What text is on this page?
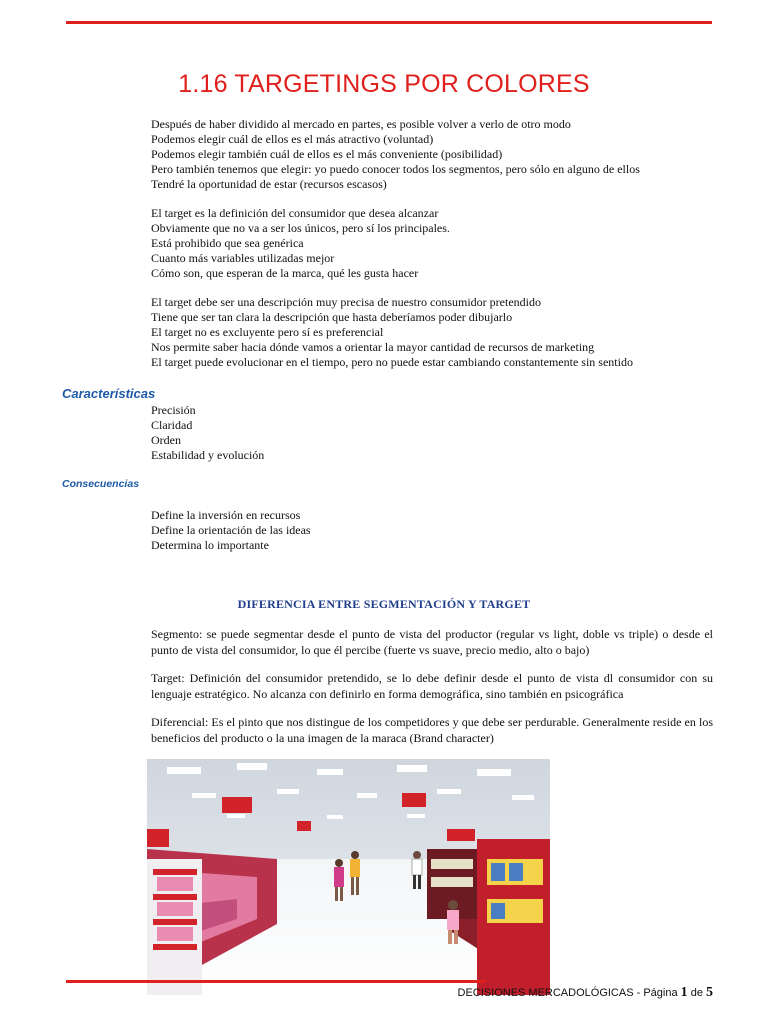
1.16 TARGETINGS POR COLORES
Después de haber dividido al mercado en partes, es posible volver a verlo de otro modo
Podemos elegir cuál de ellos es el más atractivo (voluntad)
Podemos elegir también cuál de ellos es el más conveniente (posibilidad)
Pero también tenemos que elegir: yo puedo conocer todos los segmentos, pero sólo en alguno de ellos
Tendré la oportunidad de estar (recursos escasos)
El target es la definición del consumidor que desea alcanzar
Obviamente que no va a ser los únicos, pero sí los principales.
Está prohibido que sea genérica
Cuanto más variables utilizadas mejor
Cómo son, que esperan de la marca, qué les gusta hacer
El target debe ser una descripción muy precisa de nuestro consumidor pretendido
Tiene que ser tan clara la descripción que hasta deberíamos poder dibujarlo
El target no es excluyente pero sí es preferencial
Nos permite saber hacia dónde vamos a orientar la mayor cantidad de recursos de marketing
El target puede evolucionar en el tiempo, pero no puede estar cambiando constantemente sin sentido
Características
Precisión
Claridad
Orden
Estabilidad y evolución
Consecuencias
Define la inversión en recursos
Define la orientación de las ideas
Determina lo importante
DIFERENCIA ENTRE SEGMENTACIÓN Y TARGET

Segmento: se puede segmentar desde el punto de vista del productor (regular vs light, doble vs triple) o desde el punto de vista del consumidor, lo que él percibe (fuerte vs suave, precio medio, alto o bajo)

Target: Definición del consumidor pretendido, se lo debe definir desde el punto de vista dl consumidor con su lenguaje estratégico. No alcanza con definirlo en forma demográfica, sino también en psicográfica

Diferencial: Es el pinto que nos distingue de los competidores y que debe ser perdurable. Generalmente reside en los beneficios del producto o la una imagen de la maraca (Brand character)

DECISIONES MERCADOLÓGICAS - Página 1 de 5
